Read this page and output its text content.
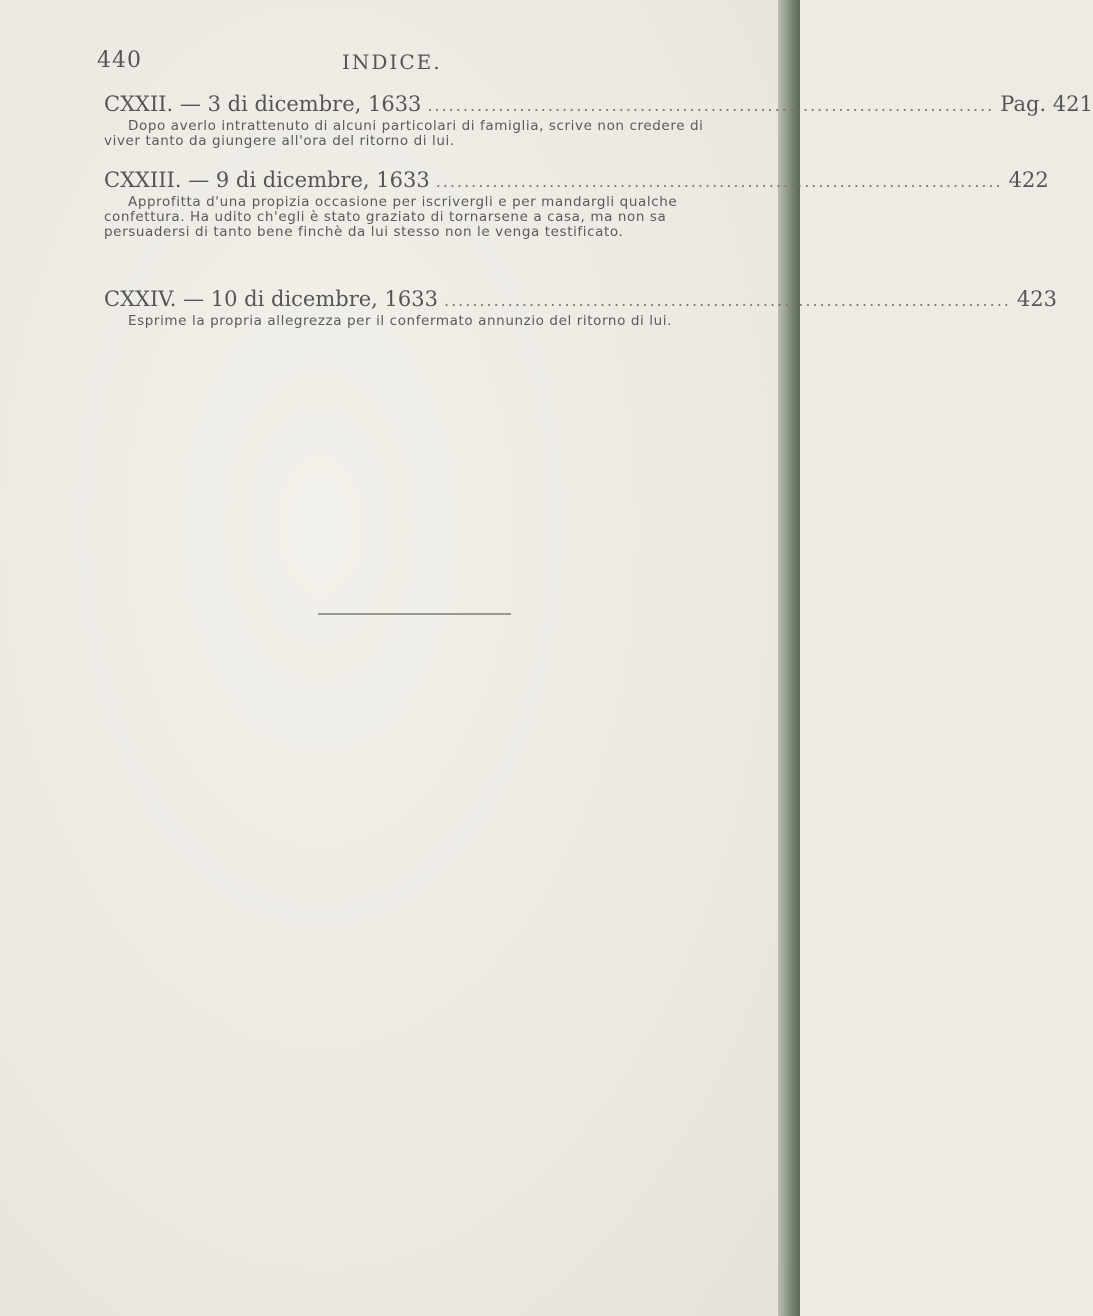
440	INDICE.
CXXII. — 3 di dicembre, 1633 ................................................................................ Pag. 421
Dopo averlo intrattenuto di alcuni particolari di famiglia, scrive non credere di viver tanto da giungere all'ora del ritorno di lui.
CXXIII. — 9 di dicembre, 1633 ................................................................................ 422
Approfitta d'una propizia occasione per iscrivergli e per mandargli qualche confettura. Ha udito ch'egli è stato graziato di tornarsene a casa, ma non sa persuadersi di tanto bene finchè da lui stesso non le venga testificato.
CXXIV. — 10 di dicembre, 1633 ................................................................................ 423
Esprime la propria allegrezza per il confermato annunzio del ritorno di lui.
